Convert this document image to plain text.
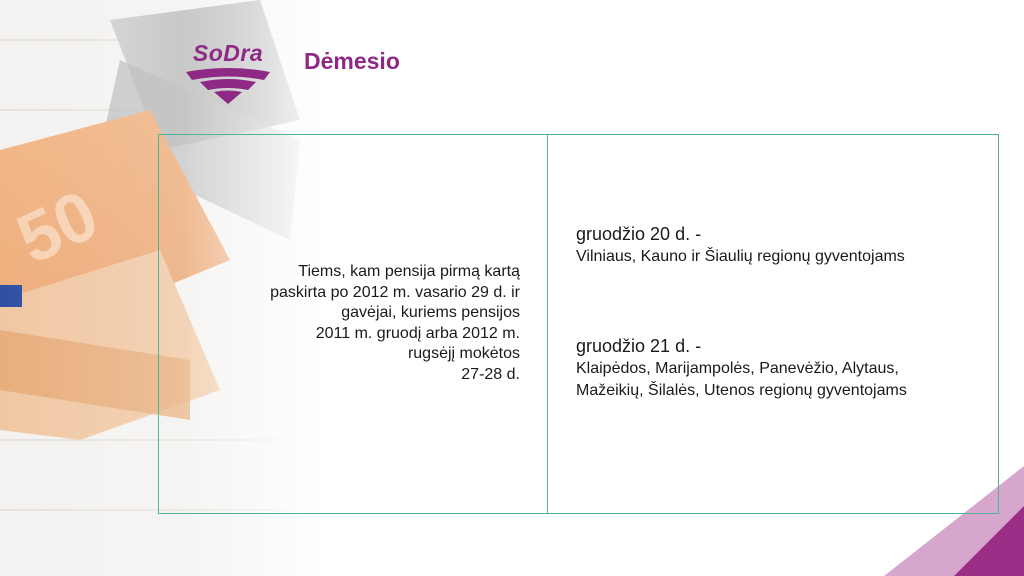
SoDra	Dėmesio
Tiems, kam pensija pirmą kartą
paskirta po 2012 m. vasario 29 d. ir
gavėjai, kuriems pensijos
2011 m. gruodį arba 2012 m.
rugsėjį mokėtos
27-28 d.
gruodžio 20 d. -
Vilniaus, Kauno ir Šiaulių regionų gyventojams
gruodžio 21 d. -
Klaipėdos, Marijampolės, Panevėžio, Alytaus,
Mažeikių, Šilalės, Utenos regionų gyventojams
